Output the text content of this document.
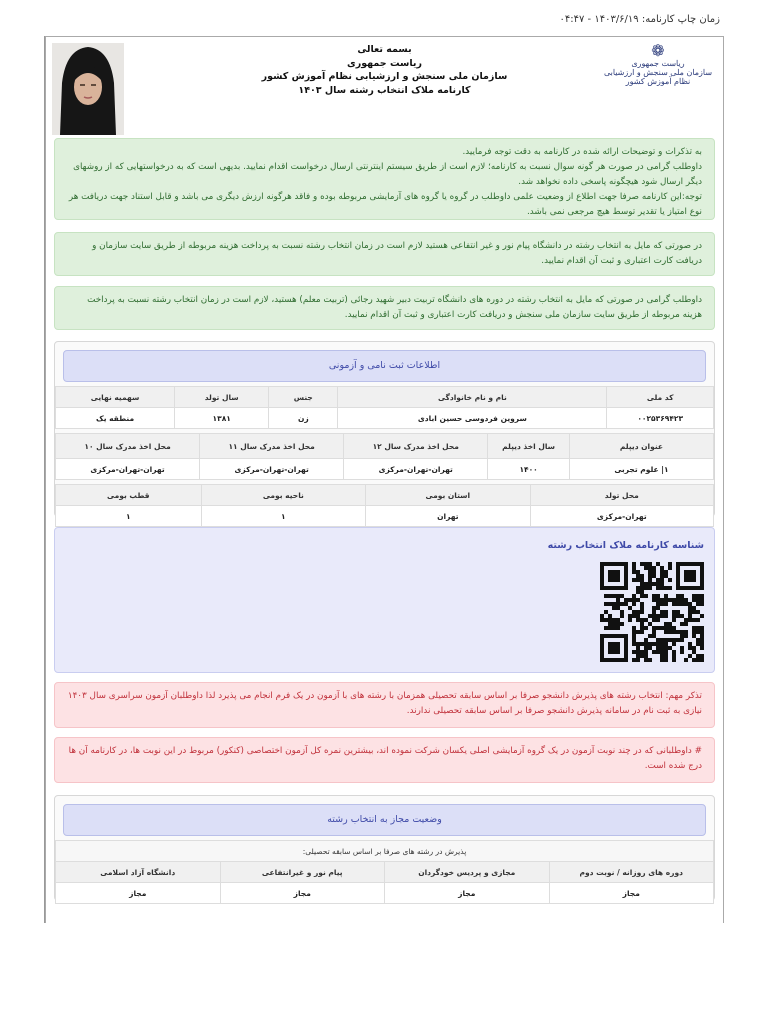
زمان چاپ کارنامه: ۱۴۰۳/۶/۱۹ - ۰۴:۴۷
❁
ریاست جمهوری
سازمان ملی سنجش و ارزشیابی نظام آموزش کشور
بسمه تعالی
ریاست جمهوری
سازمان ملی سنجش و ارزشیابی نظام آموزش کشور
کارنامه ملاک انتخاب رشته سال ۱۴۰۳
به تذکرات و توضیحات ارائه شده در کارنامه به دقت توجه فرمایید.
داوطلب گرامی در صورت هر گونه سوال نسبت به کارنامه؛ لازم است از طریق سیستم اینترنتی ارسال درخواست اقدام نمایید. بدیهی است که به درخواستهایی که از روشهای دیگر ارسال شود هیچگونه پاسخی داده نخواهد شد.
توجه:این کارنامه صرفا جهت اطلاع از وضعیت علمی داوطلب در گروه یا گروه های آزمایشی مربوطه بوده و فاقد هرگونه ارزش دیگری می باشد و قابل استناد جهت دریافت هر نوع امتیاز یا تقدیر توسط هیچ مرجعی نمی باشد.
در صورتی که مایل به انتخاب رشته در دانشگاه پیام نور و غیر انتفاعی هستید لازم است در زمان انتخاب رشته نسبت به پرداخت هزینه مربوطه از طریق سایت سازمان و دریافت کارت اعتباری و ثبت آن اقدام نمایید.
داوطلب گرامی در صورتی که مایل به انتخاب رشته در دوره های دانشگاه تربیت دبیر شهید رجائی (تربیت معلم) هستید، لازم است در زمان انتخاب رشته نسبت به پرداخت هزینه مربوطه از طریق سایت سازمان ملی سنجش و دریافت کارت اعتباری و ثبت آن اقدام نمایید.
اطلاعات ثبت نامی و آزمونی
کد ملی	نام و نام خانوادگی	جنس	سال تولد	سهمیه نهایی
۰۰۲۵۳۶۹۴۲۳	سروین فردوسی حسین ابادی	زن	۱۳۸۱	منطقه یک
عنوان دیپلم	سال اخذ دیپلم	محل اخذ مدرک سال ۱۲	محل اخذ مدرک سال ۱۱	محل اخذ مدرک سال ۱۰
۱| علوم تجربی	۱۴۰۰	تهران-تهران-مرکزی	تهران-تهران-مرکزی	تهران-تهران-مرکزی
محل تولد	استان بومی	ناحیه بومی	قطب بومی
تهران-مرکزی	تهران	۱	۱
شناسه کارنامه ملاک انتخاب رشته
تذکر مهم: انتخاب رشته های پذیرش دانشجو صرفا بر اساس سابقه تحصیلی همزمان با رشته های با آزمون در یک فرم انجام می پذیرد لذا داوطلبان آزمون سراسری سال ۱۴۰۳ نیازی به ثبت نام در سامانه پذیرش دانشجو صرفا بر اساس سابقه تحصیلی ندارند.
# داوطلبانی که در چند نوبت آزمون در یک گروه آزمایشی اصلی یکسان شرکت نموده اند، بیشترین نمره کل آزمون اختصاصی (کنکور) مربوط در این نوبت ها، در کارنامه آن ها درج شده است.
وضعیت مجاز به انتخاب رشته
پذیرش در رشته های صرفا بر اساس سابقه تحصیلی:			
دوره های روزانه / نوبت دوم	مجازی و پردیس خودگردان	پیام نور و غیرانتفاعی	دانشگاه آزاد اسلامی
مجاز	مجاز	مجاز	مجاز
